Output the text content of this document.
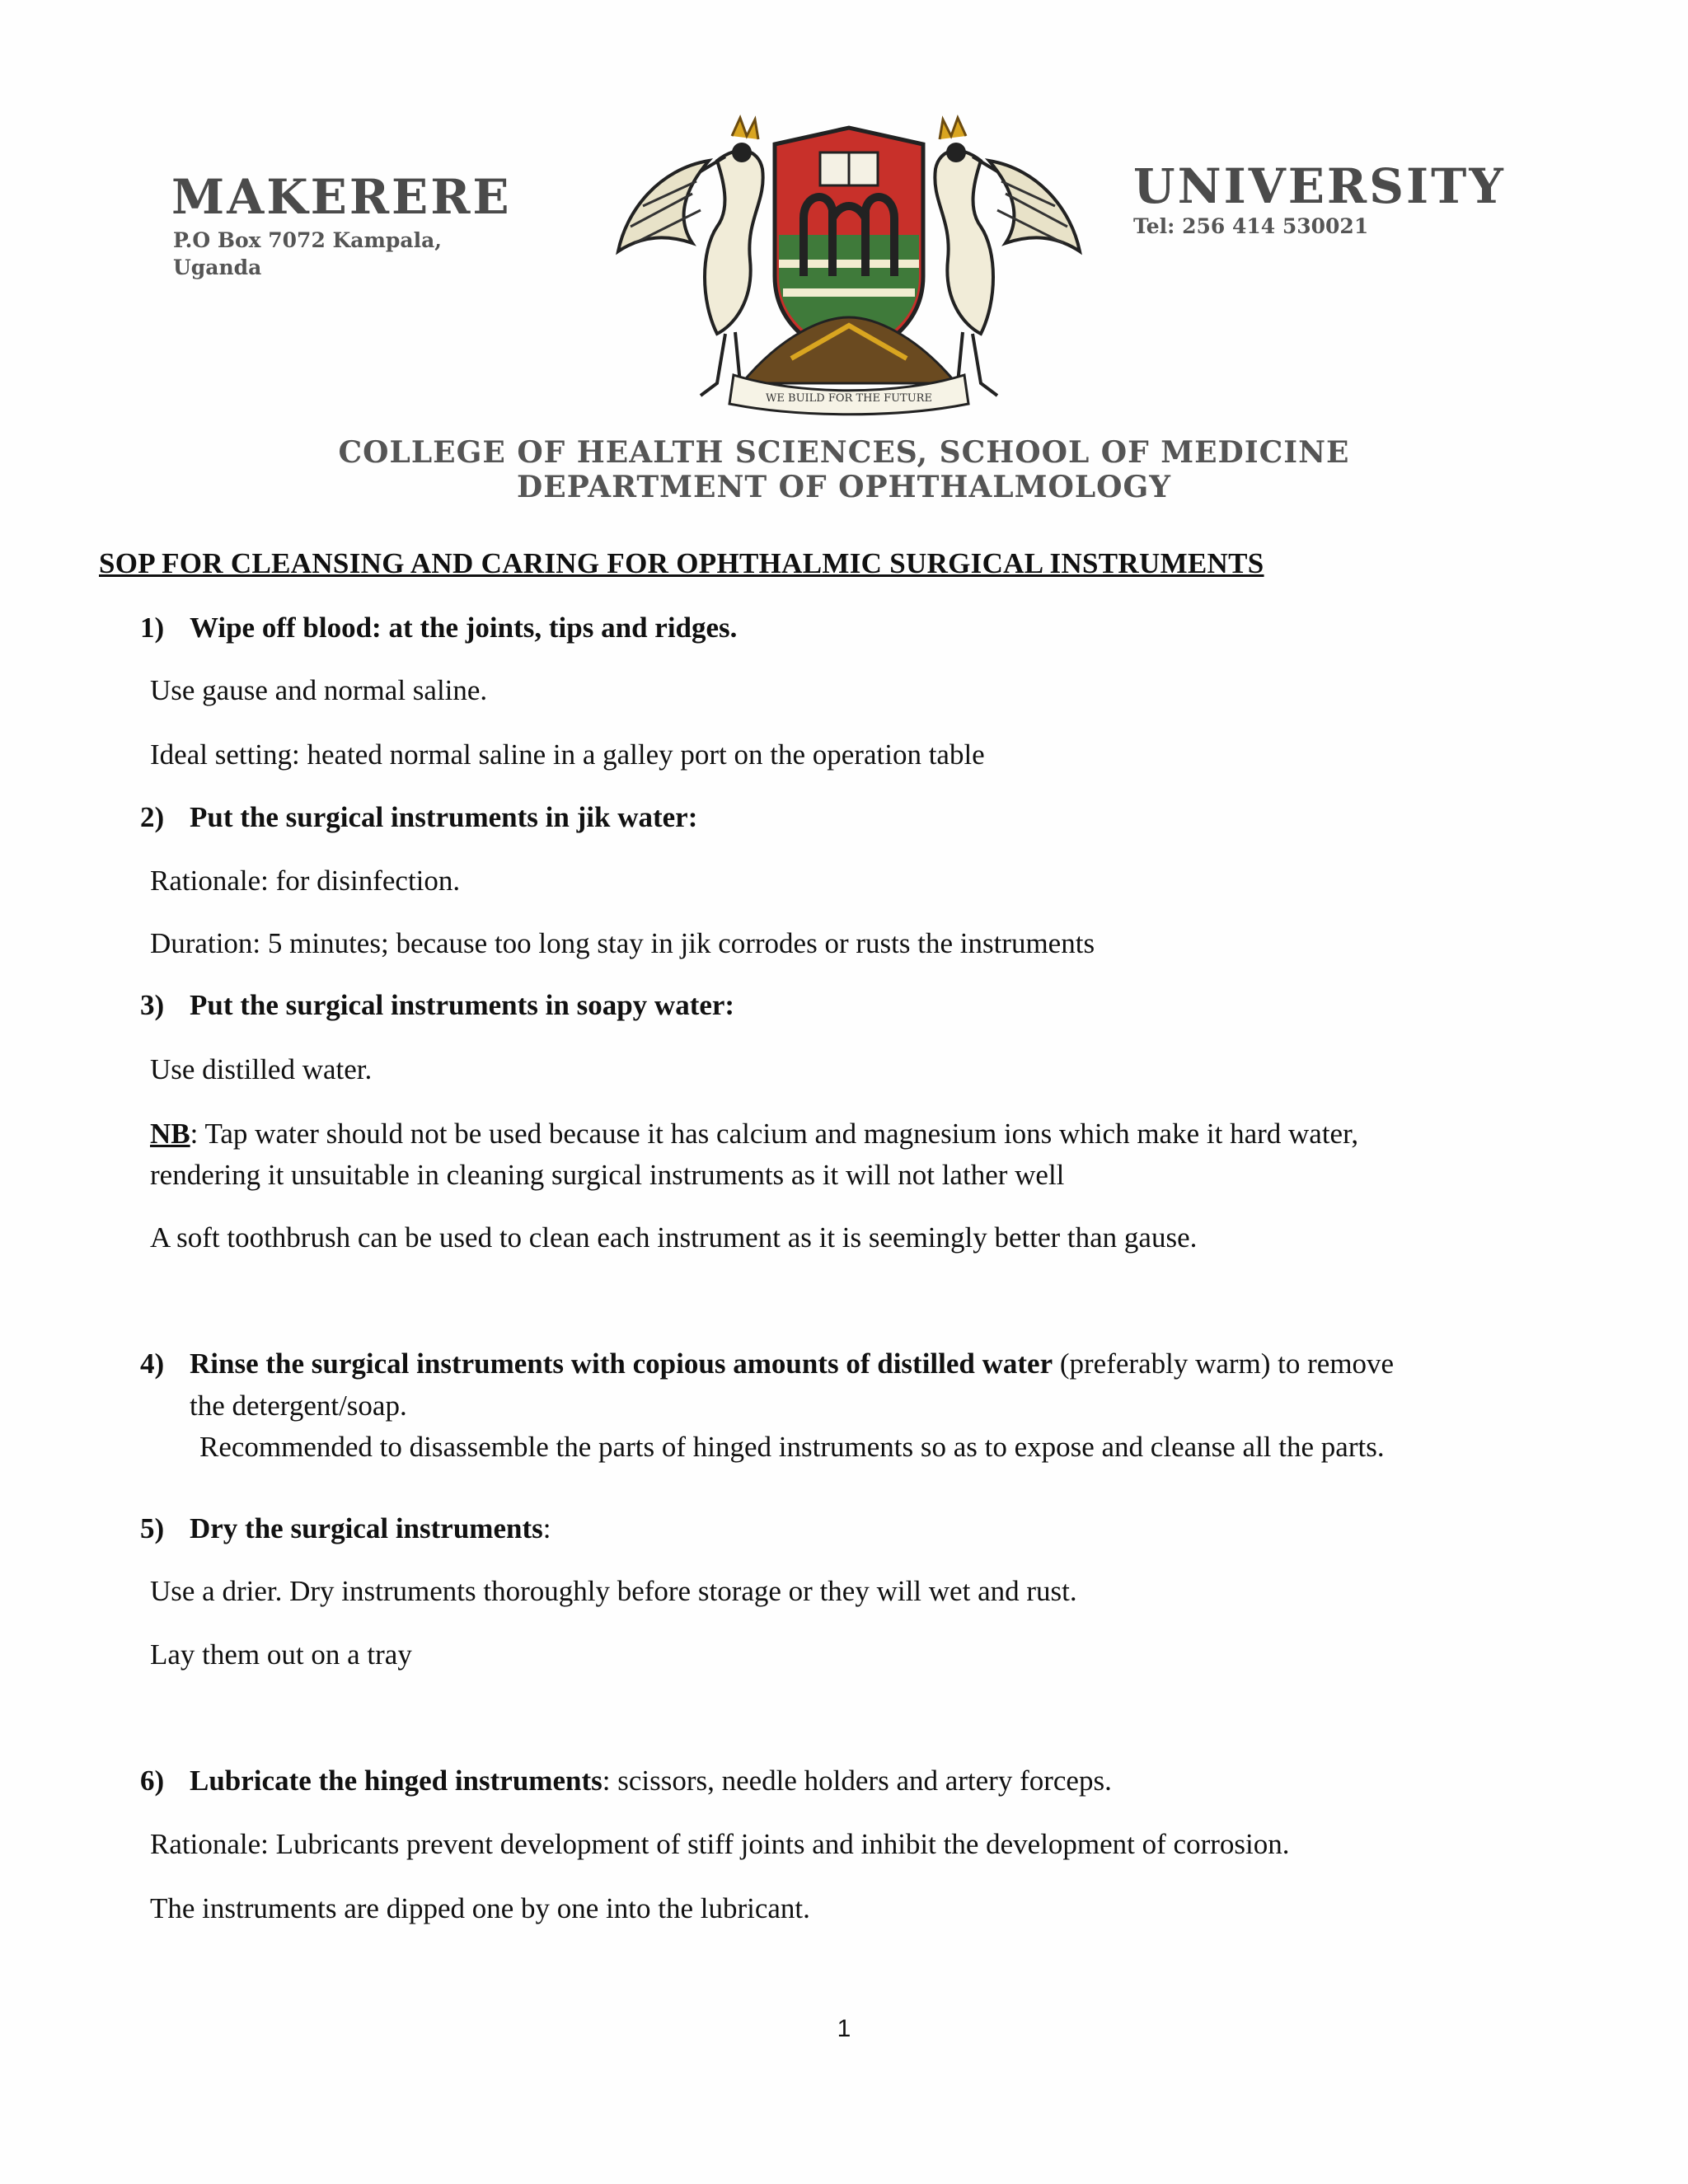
MAKERERE
P.O Box 7072 Kampala,
Uganda
UNIVERSITY
Tel: 256 414 530021
WE BUILD FOR THE FUTURE
COLLEGE OF HEALTH SCIENCES, SCHOOL OF MEDICINE
DEPARTMENT OF OPHTHALMOLOGY
SOP FOR CLEANSING AND CARING FOR OPHTHALMIC SURGICAL INSTRUMENTS
1) Wipe off blood: at the joints, tips and ridges.
Use gause and normal saline.
Ideal setting: heated normal saline in a galley port on the operation table
2) Put the surgical instruments in jik water:
Rationale: for disinfection.
Duration: 5 minutes; because too long stay in jik corrodes or rusts the instruments
3) Put the surgical instruments in soapy water:
Use distilled water.
NB: Tap water should not be used because it has calcium and magnesium ions which make it hard water,
rendering it unsuitable in cleaning surgical instruments as it will not lather well
A soft toothbrush can be used to clean each instrument as it is seemingly better than gause.
4) Rinse the surgical instruments with copious amounts of distilled water (preferably warm) to remove
the detergent/soap.
Recommended to disassemble the parts of hinged instruments so as to expose and cleanse all the parts.
5) Dry the surgical instruments:
Use a drier. Dry instruments thoroughly before storage or they will wet and rust.
Lay them out on a tray
6) Lubricate the hinged instruments: scissors, needle holders and artery forceps.
Rationale: Lubricants prevent development of stiff joints and inhibit the development of corrosion.
The instruments are dipped one by one into the lubricant.
1
